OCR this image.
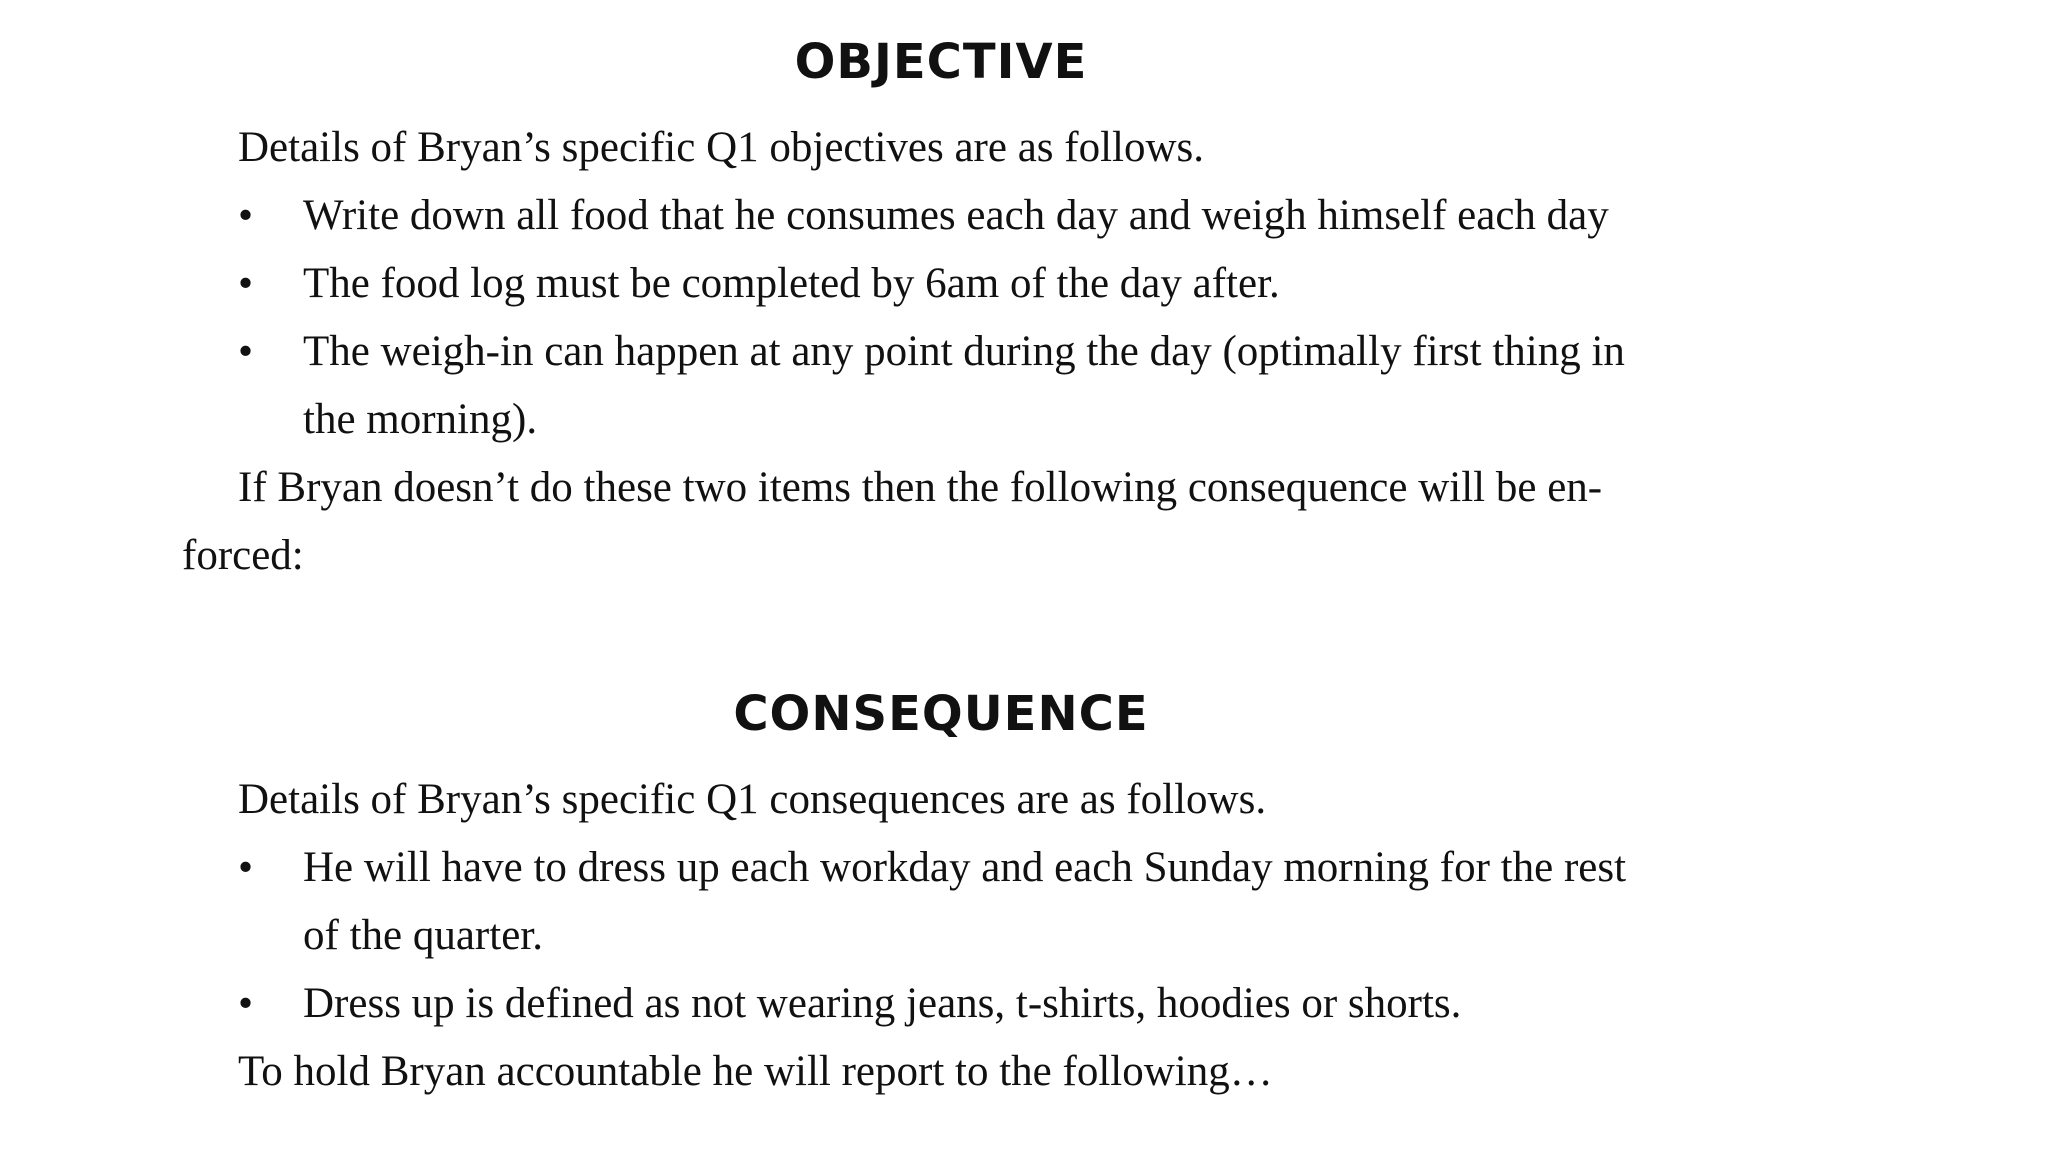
OBJECTIVE

Details of Bryan’s specific Q1 objectives are as follows.

• Write down all food that he consumes each day and weigh himself each day
• The food log must be completed by 6am of the day after.
• The weigh-in can happen at any point during the day (optimally first thing in
the morning).

If Bryan doesn’t do these two items then the following consequence will be en-
forced:

CONSEQUENCE

Details of Bryan’s specific Q1 consequences are as follows.

• He will have to dress up each workday and each Sunday morning for the rest
of the quarter.
• Dress up is defined as not wearing jeans, t-shirts, hoodies or shorts.

To hold Bryan accountable he will report to the following…
